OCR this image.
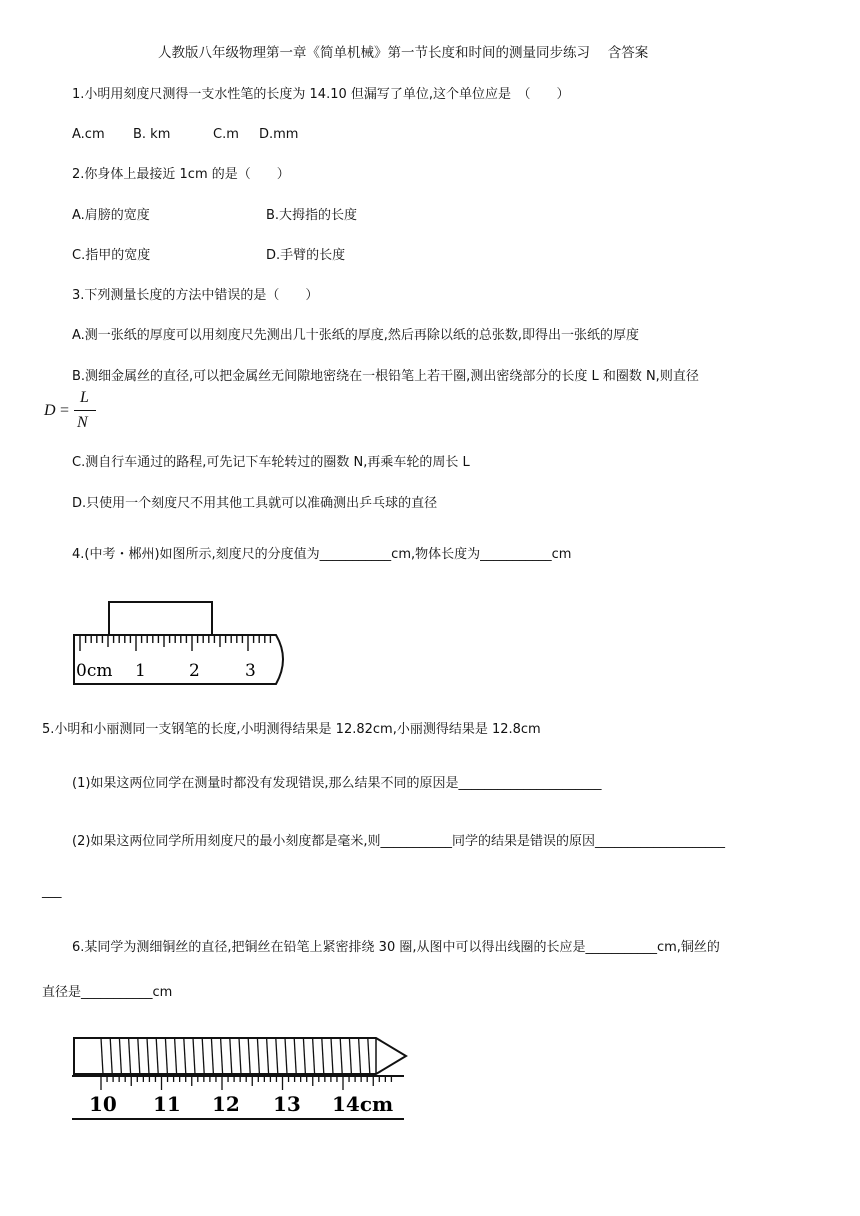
人教版八年级物理第一章《简单机械》第一节长度和时间的测量同步练习　 含答案
1.小明用刻度尺测得一支水性笔的长度为 14.10 但漏写了单位,这个单位应是　（　　）
A.cm B. km	C.m D.mm
2.你身体上最接近 1cm 的是（　　）
A.肩膀的宽度	B.大拇指的长度
C.指甲的宽度	D.手臂的长度
3.下列测量长度的方法中错误的是（　　）
A.测一张纸的厚度可以用刻度尺先测出几十张纸的厚度,然后再除以纸的总张数,即得出一张纸的厚度
B.测细金属丝的直径,可以把金属丝无间隙地密绕在一根铅笔上若干圈,测出密绕部分的长度 L 和圈数 N,则直径
D =
L
N
C.测自行车通过的路程,可先记下车轮转过的圈数 N,再乘车轮的周长 L
D.只使用一个刻度尺不用其他工具就可以准确测出乒乓球的直径
4.(中考・郴州)如图所示,刻度尺的分度值为___________cm,物体长度为___________cm
0cm 1	2	3
5.小明和小丽测同一支钢笔的长度,小明测得结果是 12.82cm,小丽测得结果是 12.8cm
(1)如果这两位同学在测量时都没有发现错误,那么结果不同的原因是______________________
(2)如果这两位同学所用刻度尺的最小刻度都是毫米,则___________同学的结果是错误的原因____________________
___
6.某同学为测细铜丝的直径,把铜丝在铅笔上紧密排绕 30 圈,从图中可以得出线圈的长应是___________cm,铜丝的
直径是___________cm
10 11 12 13 14cm
